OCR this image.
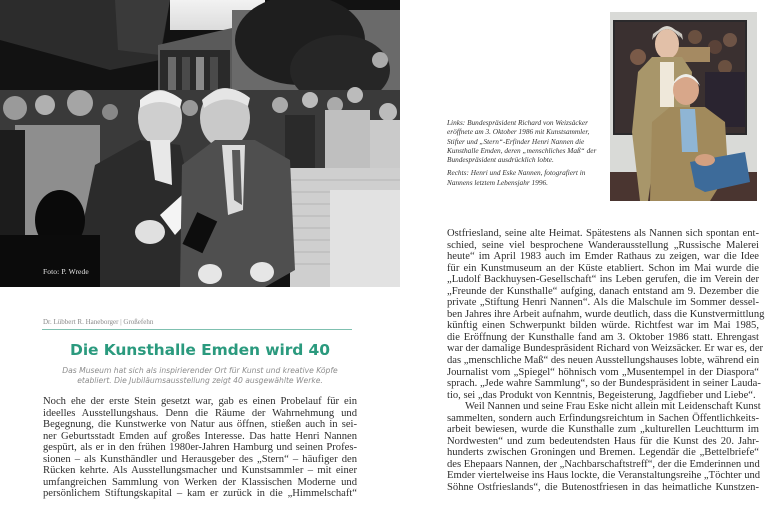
Foto: P. Wrede
Dr. Lübbert R. Haneborger | Großefehn
Die Kunsthalle Emden wird 40
Das Museum hat sich als inspirierender Ort für Kunst und kreative Köpfe
etabliert. Die Jubiläumsausstellung zeigt 40 ausgewählte Werke.
Noch ehe der erste Stein gesetzt war, gab es einen Probelauf für ein
ideelles Ausstellungshaus. Denn die Räume der Wahrnehmung und
Begegnung, die Kunstwerke von Natur aus öffnen, stießen auch in sei-
ner Geburtsstadt Emden auf großes Interesse. Das hatte Henri Nannen
gespürt, als er in den frühen 1980er-Jahren Hamburg und seinen Profes-
sionen – als Kunsthändler und Herausgeber des „Stern“ – häufiger den
Rücken kehrte. Als Ausstellungsmacher und Kunstsammler – mit einer
umfangreichen Sammlung von Werken der Klassischen Moderne und
persönlichem Stiftungskapital – kam er zurück in die „Himmelschaft“

Links: Bundespräsident Richard von Weizsäcker eröffnete am 3. Oktober 1986 mit Kunstsammler, Stifter und „Stern“-Erfinder Henri Nannen die Kunsthalle Emden, deren „menschliches Maß“ der Bundespräsident ausdrücklich lobte.

Rechts: Henri und Eske Nannen, fotografiert in Nannens letztem Lebensjahr 1996.

Ostfriesland, seine alte Heimat. Spätestens als Nannen sich spontan ent-
schied, seine viel besprochene Wanderausstellung „Russische Malerei
heute“ im April 1983 auch im Emder Rathaus zu zeigen, war die Idee
für ein Kunstmuseum an der Küste etabliert. Schon im Mai wurde die
„Ludolf Backhuysen-Gesellschaft“ ins Leben gerufen, die im Verein der
„Freunde der Kunsthalle“ aufging, danach entstand am 9. Dezember die
private „Stiftung Henri Nannen“. Als die Malschule im Sommer dessel-
ben Jahres ihre Arbeit aufnahm, wurde deutlich, dass die Kunstvermittlung
künftig einen Schwerpunkt bilden würde. Richtfest war im Mai 1985,
die Eröffnung der Kunsthalle fand am 3. Oktober 1986 statt. Ehrengast
war der damalige Bundespräsident Richard von Weizsäcker. Er war es, der
das „menschliche Maß“ des neuen Ausstellungshauses lobte, während ein
Journalist vom „Spiegel“ höhnisch vom „Musentempel in der Diaspora“
sprach. „Jede wahre Sammlung“, so der Bundespräsident in seiner Lauda-
tio, sei „das Produkt von Kenntnis, Begeisterung, Jagdfieber und Liebe“.
Weil Nannen und seine Frau Eske nicht allein mit Leidenschaft Kunst
sammelten, sondern auch Erfindungsreichtum in Sachen Öffentlichkeits-
arbeit bewiesen, wurde die Kunsthalle zum „kulturellen Leuchtturm im
Nordwesten“ und zum bedeutendsten Haus für die Kunst des 20. Jahr-
hunderts zwischen Groningen und Bremen. Legendär die „Bettelbriefe“
des Ehepaars Nannen, der „Nachbarschaftstreff“, der die Emderinnen und
Emder viertelweise ins Haus lockte, die Veranstaltungsreihe „Töchter und
Söhne Ostfrieslands“, die Butenostfriesen in das heimatliche Kunstzen-
